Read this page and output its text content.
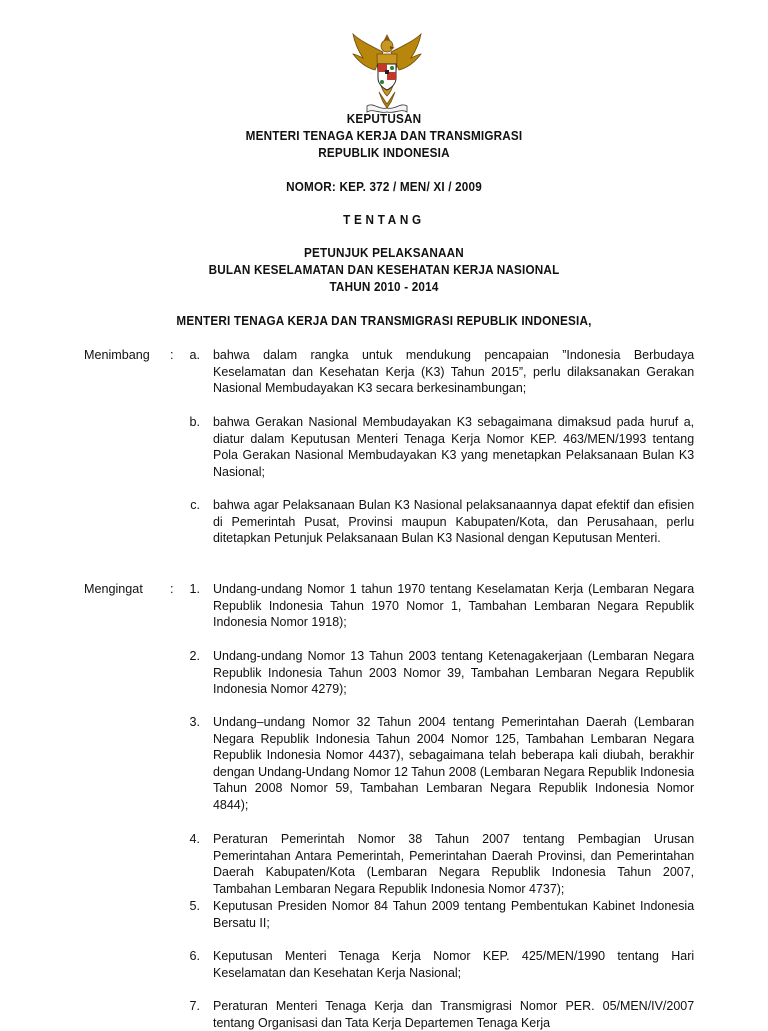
KEPUTUSAN
MENTERI TENAGA KERJA DAN TRANSMIGRASI
REPUBLIK INDONESIA
NOMOR: KEP. 372 / MEN/ XI / 2009
TENTANG
PETUNJUK PELAKSANAAN
BULAN KESELAMATAN DAN KESEHATAN KERJA NASIONAL
TAHUN 2010 - 2014
MENTERI TENAGA KERJA DAN TRANSMIGRASI REPUBLIK INDONESIA,
Menimbang :	a. bahwa dalam rangka untuk mendukung pencapaian ”Indonesia Berbudaya Keselamatan dan Kesehatan Kerja (K3) Tahun 2015”, perlu dilaksanakan Gerakan Nasional Membudayakan K3 secara berkesinambungan;
b. bahwa Gerakan Nasional Membudayakan K3 sebagaimana dimaksud pada huruf a, diatur dalam Keputusan Menteri Tenaga Kerja Nomor KEP. 463/MEN/1993 tentang Pola Gerakan Nasional Membudayakan K3 yang menetapkan Pelaksanaan Bulan K3 Nasional;
c. bahwa agar Pelaksanaan Bulan K3 Nasional pelaksanaannya dapat efektif dan efisien di Pemerintah Pusat, Provinsi maupun Kabupaten/Kota, dan Perusahaan, perlu ditetapkan Petunjuk Pelaksanaan Bulan K3 Nasional dengan Keputusan Menteri.
Mengingat :	1. Undang-undang Nomor 1 tahun 1970 tentang Keselamatan Kerja (Lembaran Negara Republik Indonesia Tahun 1970 Nomor 1, Tambahan Lembaran Negara Republik Indonesia Nomor 1918);
2. Undang-undang Nomor 13 Tahun 2003 tentang Ketenagakerjaan (Lembaran Negara Republik Indonesia Tahun 2003 Nomor 39, Tambahan Lembaran Negara Republik Indonesia Nomor 4279);
3. Undang–undang Nomor 32 Tahun 2004 tentang Pemerintahan Daerah (Lembaran Negara Republik Indonesia Tahun 2004 Nomor 125, Tambahan Lembaran Negara Republik Indonesia Nomor 4437), sebagaimana telah beberapa kali diubah, berakhir dengan Undang-Undang Nomor 12 Tahun 2008 (Lembaran Negara Republik Indonesia Tahun 2008 Nomor 59, Tambahan Lembaran Negara Republik Indonesia Nomor 4844);
4. Peraturan Pemerintah Nomor 38 Tahun 2007 tentang Pembagian Urusan Pemerintahan Antara Pemerintah, Pemerintahan Daerah Provinsi, dan Pemerintahan Daerah Kabupaten/Kota (Lembaran Negara Republik Indonesia Tahun 2007, Tambahan Lembaran Negara Republik Indonesia Nomor 4737);
5. Keputusan Presiden Nomor 84 Tahun 2009 tentang Pembentukan Kabinet Indonesia Bersatu II;
6. Keputusan Menteri Tenaga Kerja Nomor KEP. 425/MEN/1990 tentang Hari Keselamatan dan Kesehatan Kerja Nasional;
7. Peraturan Menteri Tenaga Kerja dan Transmigrasi Nomor PER. 05/MEN/IV/2007 tentang Organisasi dan Tata Kerja Departemen Tenaga Kerja
